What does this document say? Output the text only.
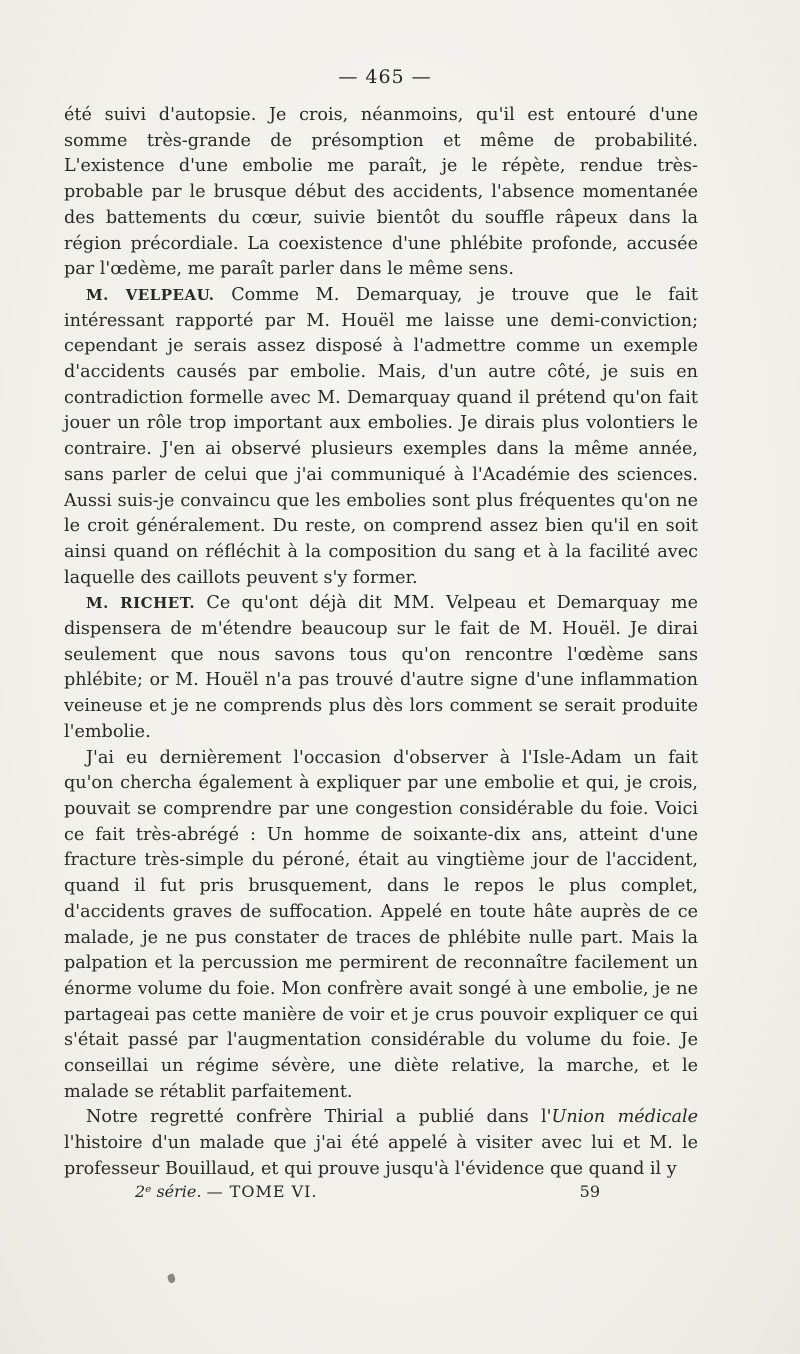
— 465 —

été suivi d'autopsie. Je crois, néanmoins, qu'il est entouré d'une somme très-grande de présomption et même de probabilité. L'existence d'une embolie me paraît, je le répète, rendue très-probable par le brusque début des accidents, l'absence momentanée des battements du cœur, suivie bientôt du souffle râpeux dans la région précordiale. La coexistence d'une phlébite profonde, accusée par l'œdème, me paraît parler dans le même sens.

M. VELPEAU. Comme M. Demarquay, je trouve que le fait intéressant rapporté par M. Houël me laisse une demi-conviction; cependant je serais assez disposé à l'admettre comme un exemple d'accidents causés par embolie. Mais, d'un autre côté, je suis en contradiction formelle avec M. Demarquay quand il prétend qu'on fait jouer un rôle trop important aux embolies. Je dirais plus volontiers le contraire. J'en ai observé plusieurs exemples dans la même année, sans parler de celui que j'ai communiqué à l'Académie des sciences. Aussi suis-je convaincu que les embolies sont plus fréquentes qu'on ne le croit généralement. Du reste, on comprend assez bien qu'il en soit ainsi quand on réfléchit à la composition du sang et à la facilité avec laquelle des caillots peuvent s'y former.

M. RICHET. Ce qu'ont déjà dit MM. Velpeau et Demarquay me dispensera de m'étendre beaucoup sur le fait de M. Houël. Je dirai seulement que nous savons tous qu'on rencontre l'œdème sans phlébite; or M. Houël n'a pas trouvé d'autre signe d'une inflammation veineuse et je ne comprends plus dès lors comment se serait produite l'embolie.

J'ai eu dernièrement l'occasion d'observer à l'Isle-Adam un fait qu'on chercha également à expliquer par une embolie et qui, je crois, pouvait se comprendre par une congestion considérable du foie. Voici ce fait très-abrégé : Un homme de soixante-dix ans, atteint d'une fracture très-simple du péroné, était au vingtième jour de l'accident, quand il fut pris brusquement, dans le repos le plus complet, d'accidents graves de suffocation. Appelé en toute hâte auprès de ce malade, je ne pus constater de traces de phlébite nulle part. Mais la palpation et la percussion me permirent de reconnaître facilement un énorme volume du foie. Mon confrère avait songé à une embolie, je ne partageai pas cette manière de voir et je crus pouvoir expliquer ce qui s'était passé par l'augmentation considérable du volume du foie. Je conseillai un régime sévère, une diète relative, la marche, et le malade se rétablit parfaitement.

Notre regretté confrère Thirial a publié dans l'Union médicale l'histoire d'un malade que j'ai été appelé à visiter avec lui et M. le professeur Bouillaud, et qui prouve jusqu'à l'évidence que quand il y

2ᵉ série. — TOME VI.	59
